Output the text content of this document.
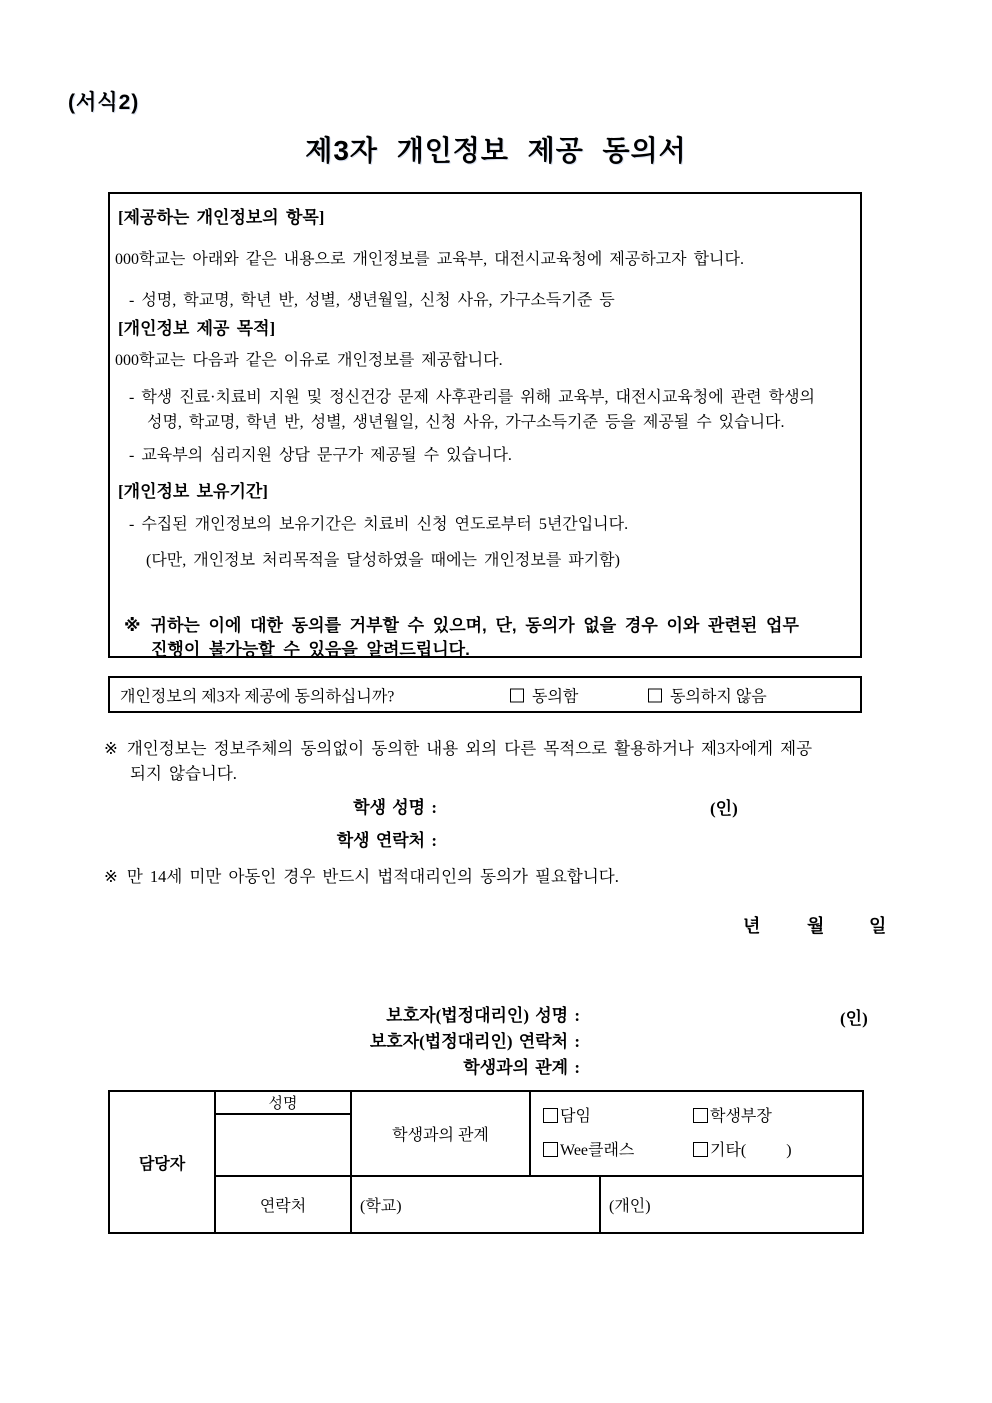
(서식2)
제3자 개인정보 제공 동의서
[제공하는 개인정보의 항목]
000학교는 아래와 같은 내용으로 개인정보를 교육부, 대전시교육청에 제공하고자 합니다.
- 성명, 학교명, 학년 반, 성별, 생년월일, 신청 사유, 가구소득기준 등
[개인정보 제공 목적]
000학교는 다음과 같은 이유로 개인정보를 제공합니다.
- 학생 진료·치료비 지원 및 정신건강 문제 사후관리를 위해 교육부, 대전시교육청에 관련 학생의
성명, 학교명, 학년 반, 성별, 생년월일, 신청 사유, 가구소득기준 등을 제공될 수 있습니다.
- 교육부의 심리지원 상담 문구가 제공될 수 있습니다.
[개인정보 보유기간]
- 수집된 개인정보의 보유기간은 치료비 신청 연도로부터 5년간입니다.
(다만, 개인정보 처리목적을 달성하였을 때에는 개인정보를 파기함)
※ 귀하는 이에 대한 동의를 거부할 수 있으며, 단, 동의가 없을 경우 이와 관련된 업무
진행이 불가능할 수 있음을 알려드립니다.
개인정보의 제3자 제공에 동의하십니까?	동의함	동의하지 않음
※ 개인정보는 정보주체의 동의없이 동의한 내용 외의 다른 목적으로 활용하거나 제3자에게 제공
되지 않습니다.
학생 성명 :
학생 연락처 :
(인)
※ 만 14세 미만 아동인 경우 반드시 법적대리인의 동의가 필요합니다.
년	월 일
보호자(법정대리인) 성명 :
보호자(법정대리인) 연락처 :
학생과의 관계 :
(인)
담당자	성명	학생과의 관계	담임 학생부장
Wee클래스 기타(          )	

	연락처	(학교)		(개인)
